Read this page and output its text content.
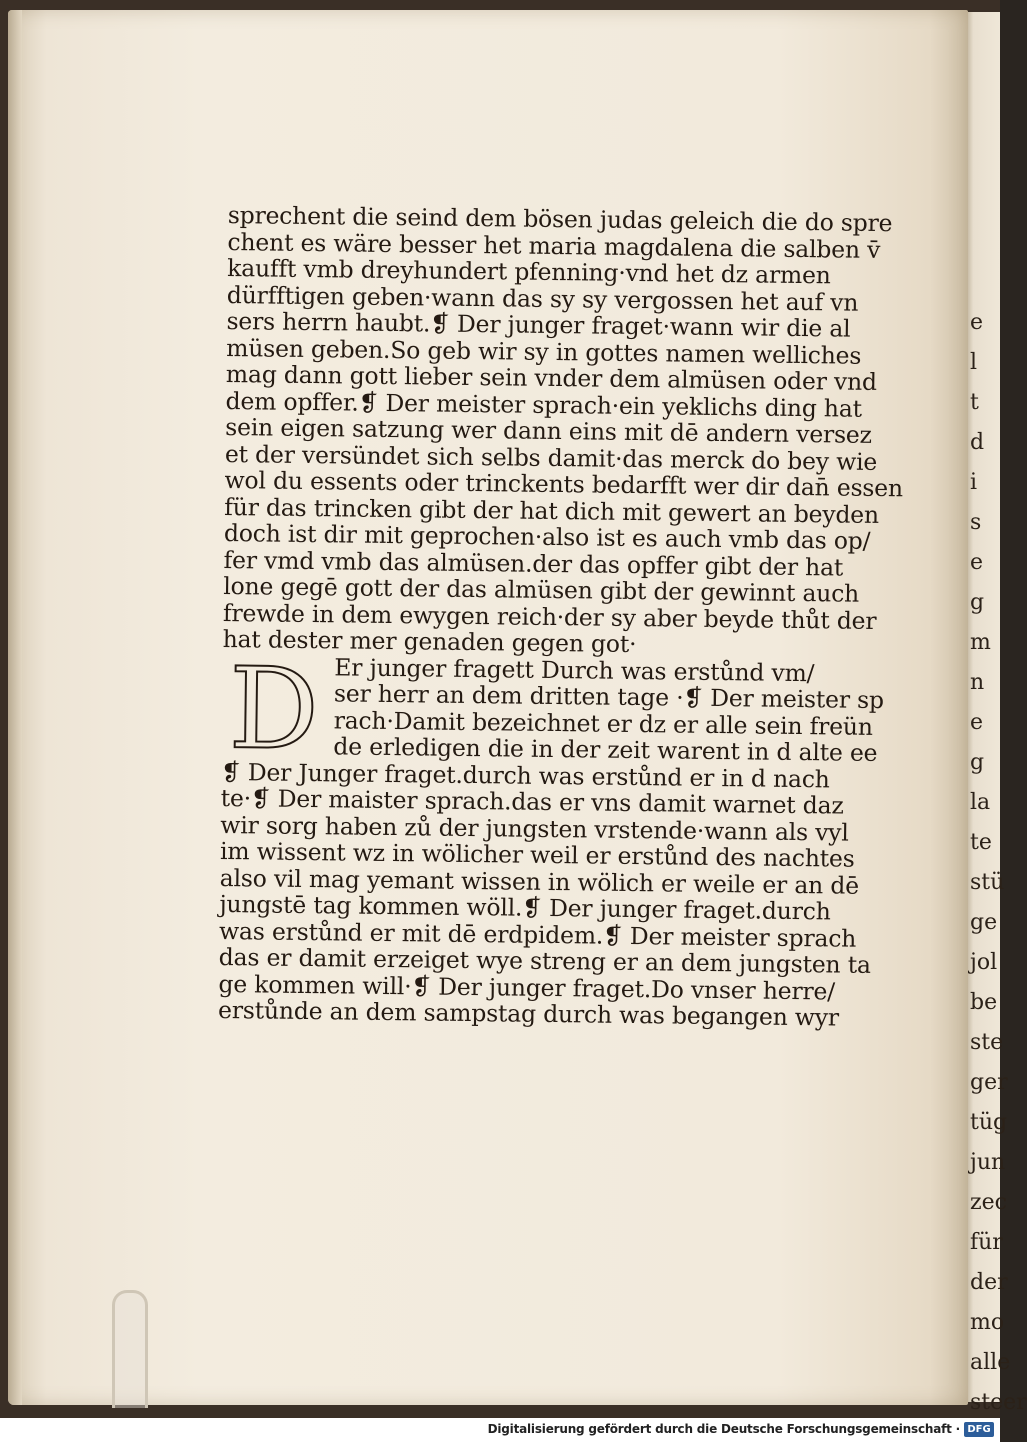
e
l
t
d
i
s
e
g
m
n
e
g
la
te
stü
ge
jol
be
ste
ger
tüg
jun
zec
für
der
mo
alle
steer
sprechent die seind dem bösen judas geleich die do spre
chent es wäre besser het maria magdalena die salben v̄
kaufft vmb dreyhundert pfenning·vnd het dz armen
dürfftigen geben·wann das sy sy vergossen het auf vn
sers herrn haubt.❡ Der junger fraget·wann wir die al
müsen geben.So geb wir sy in gottes namen welliches
mag dann gott lieber sein vnder dem almüsen oder vnd
dem opffer.❡ Der meister sprach·ein yeklichs ding hat
sein eigen satzung wer dann eins mit dē andern versez
et der versündet sich selbs damit·das merck do bey wie
wol du essents oder trinckents bedarfft wer dir dan̄ essen
für das trincken gibt der hat dich mit gewert an beyden
doch ist dir mit geprochen·also ist es auch vmb das op/
fer vmd vmb das almüsen.der das opffer gibt der hat
lone gegē gott der das almüsen gibt der gewinnt auch
frewde in dem ewygen reich·der sy aber beyde thůt der
hat dester mer genaden gegen got·
D Er junger fragett Durch was erstůnd vm/
ser herr an dem dritten tage ·❡ Der meister sp
rach·Damit bezeichnet er dz er alle sein freün
de erledigen die in der zeit warent in d alte ee
❡ Der Junger fraget.durch was erstůnd er in d nach
te·❡ Der maister sprach.das er vns damit warnet daz
wir sorg haben zů der jungsten vrstende·wann als vyl
im wissent wz in wölicher weil er erstůnd des nachtes
also vil mag yemant wissen in wölich er weile er an dē
jungstē tag kommen wöll.❡ Der junger fraget.durch
was erstůnd er mit dē erdpidem.❡ Der meister sprach
das er damit erzeiget wye streng er an dem jungsten ta
ge kommen will·❡ Der junger fraget.Do vnser herre/
erstůnde an dem sampstag durch was begangen wyr
Digitalisierung gefördert durch die Deutsche Forschungsgemeinschaft · DFG
